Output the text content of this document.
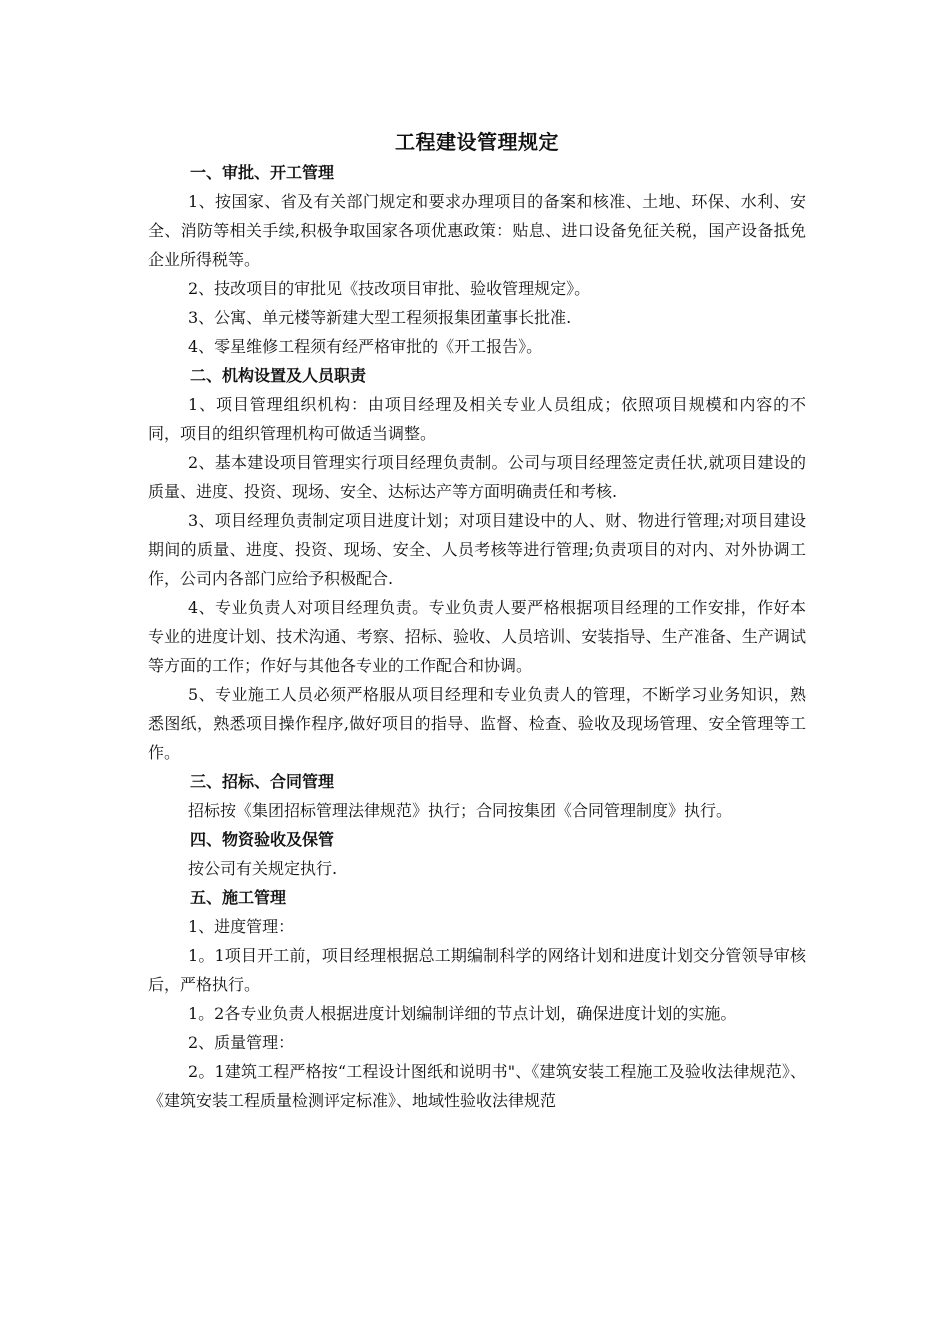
工程建设管理规定
一、审批、开工管理

1、按国家、省及有关部门规定和要求办理项目的备案和核准、土地、环保、水利、安全、消防等相关手续,积极争取国家各项优惠政策：贴息、进口设备免征关税，国产设备抵免企业所得税等。

2、技改项目的审批见《技改项目审批、验收管理规定》。

3、公寓、单元楼等新建大型工程须报集团董事长批准.

4、零星维修工程须有经严格审批的《开工报告》。

二、机构设置及人员职责

1、项目管理组织机构：由项目经理及相关专业人员组成；依照项目规模和内容的不同，项目的组织管理机构可做适当调整。

2、基本建设项目管理实行项目经理负责制。公司与项目经理签定责任状,就项目建设的质量、进度、投资、现场、安全、达标达产等方面明确责任和考核.

3、项目经理负责制定项目进度计划；对项目建设中的人、财、物进行管理;对项目建设期间的质量、进度、投资、现场、安全、人员考核等进行管理;负责项目的对内、对外协调工作，公司内各部门应给予积极配合.

4、专业负责人对项目经理负责。专业负责人要严格根据项目经理的工作安排，作好本专业的进度计划、技术沟通、考察、招标、验收、人员培训、安装指导、生产准备、生产调试等方面的工作；作好与其他各专业的工作配合和协调。

5、专业施工人员必须严格服从项目经理和专业负责人的管理，不断学习业务知识，熟悉图纸，熟悉项目操作程序,做好项目的指导、监督、检查、验收及现场管理、安全管理等工作。

三、招标、合同管理

招标按《集团招标管理法律规范》执行；合同按集团《合同管理制度》执行。

四、物资验收及保管

按公司有关规定执行.

五、施工管理

1、进度管理：

1。1项目开工前，项目经理根据总工期编制科学的网络计划和进度计划交分管领导审核后，严格执行。

1。2各专业负责人根据进度计划编制详细的节点计划，确保进度计划的实施。

2、质量管理：

2。1建筑工程严格按“工程设计图纸和说明书"、《建筑安装工程施工及验收法律规范》、《建筑安装工程质量检测评定标准》、地域性验收法律规范
